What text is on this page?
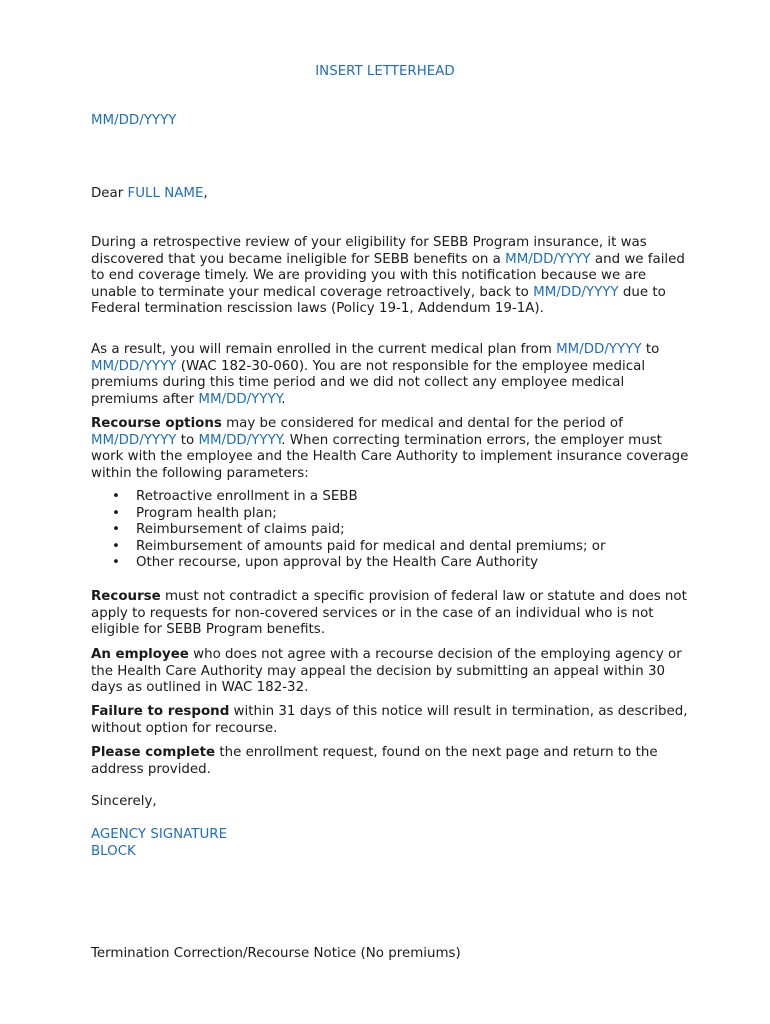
INSERT LETTERHEAD
MM/DD/YYYY
Dear FULL NAME,

During a retrospective review of your eligibility for SEBB Program insurance, it was discovered that you became ineligible for SEBB benefits on a MM/DD/YYYY and we failed to end coverage timely. We are providing you with this notification because we are unable to terminate your medical coverage retroactively, back to MM/DD/YYYY due to Federal termination rescission laws (Policy 19-1, Addendum 19-1A).

As a result, you will remain enrolled in the current medical plan from MM/DD/YYYY to MM/DD/YYYY (WAC 182-30-060). You are not responsible for the employee medical premiums during this time period and we did not collect any employee medical premiums after MM/DD/YYYY.

Recourse options may be considered for medical and dental for the period of MM/DD/YYYY to MM/DD/YYYY. When correcting termination errors, the employer must work with the employee and the Health Care Authority to implement insurance coverage within the following parameters:

• Retroactive enrollment in a SEBB
• Program health plan;
• Reimbursement of claims paid;
• Reimbursement of amounts paid for medical and dental premiums; or
• Other recourse, upon approval by the Health Care Authority

Recourse must not contradict a specific provision of federal law or statute and does not apply to requests for non-covered services or in the case of an individual who is not eligible for SEBB Program benefits.

An employee who does not agree with a recourse decision of the employing agency or the Health Care Authority may appeal the decision by submitting an appeal within 30 days as outlined in WAC 182-32.

Failure to respond within 31 days of this notice will result in termination, as described, without option for recourse.

Please complete the enrollment request, found on the next page and return to the address provided.

Sincerely,
AGENCY SIGNATURE
BLOCK
Termination Correction/Recourse Notice (No premiums)
